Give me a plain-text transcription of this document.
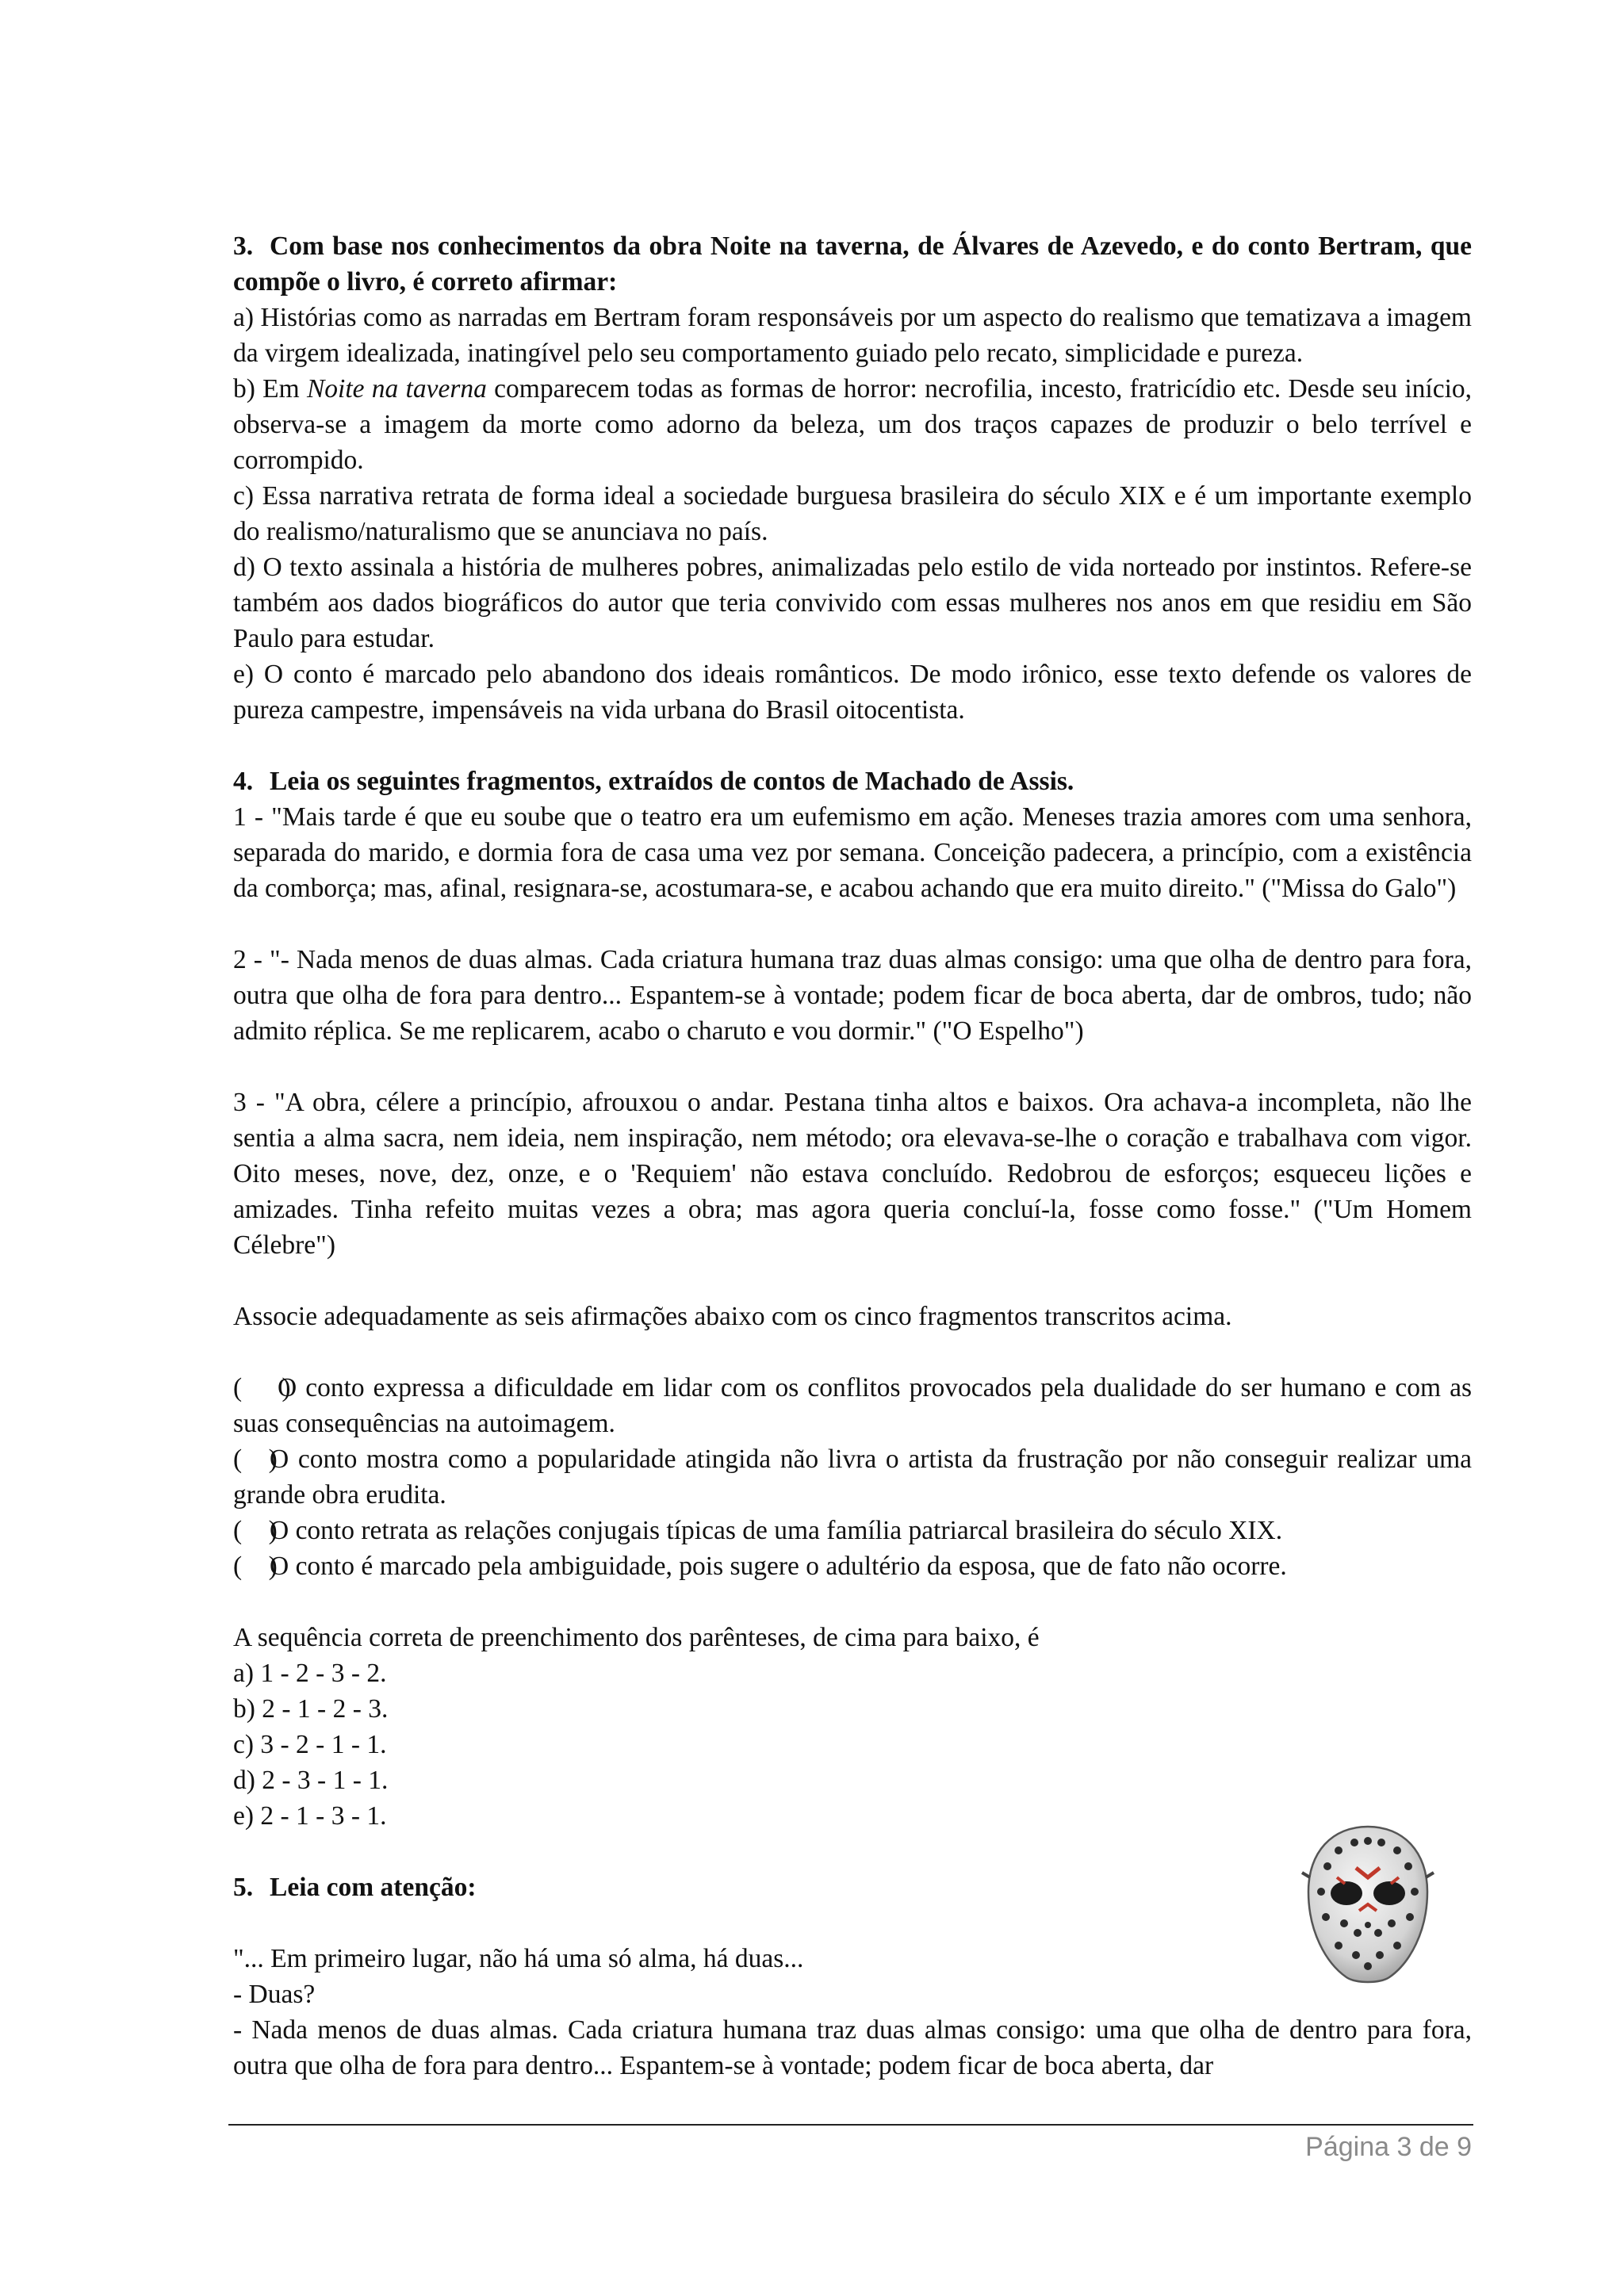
3. Com base nos conhecimentos da obra Noite na taverna, de Álvares de Azevedo, e do conto Bertram, que compõe o livro, é correto afirmar:

a) Histórias como as narradas em Bertram foram responsáveis por um aspecto do realismo que tematizava a imagem da virgem idealizada, inatingível pelo seu comportamento guiado pelo recato, simplicidade e pureza.

b) Em Noite na taverna comparecem todas as formas de horror: necrofilia, incesto, fratricídio etc. Desde seu início, observa-se a imagem da morte como adorno da beleza, um dos traços capazes de produzir o belo terrível e corrompido.

c) Essa narrativa retrata de forma ideal a sociedade burguesa brasileira do século XIX e é um importante exemplo do realismo/naturalismo que se anunciava no país.

d) O texto assinala a história de mulheres pobres, animalizadas pelo estilo de vida norteado por instintos. Refere-se também aos dados biográficos do autor que teria convivido com essas mulheres nos anos em que residiu em São Paulo para estudar.

e) O conto é marcado pelo abandono dos ideais românticos. De modo irônico, esse texto defende os valores de pureza campestre, impensáveis na vida urbana do Brasil oitocentista.

4. Leia os seguintes fragmentos, extraídos de contos de Machado de Assis.

1 - "Mais tarde é que eu soube que o teatro era um eufemismo em ação. Meneses trazia amores com uma senhora, separada do marido, e dormia fora de casa uma vez por semana. Conceição padecera, a princípio, com a existência da comborça; mas, afinal, resignara-se, acostumara-se, e acabou achando que era muito direito." ("Missa do Galo")

2 - "- Nada menos de duas almas. Cada criatura humana traz duas almas consigo: uma que olha de dentro para fora, outra que olha de fora para dentro... Espantem-se à vontade; podem ficar de boca aberta, dar de ombros, tudo; não admito réplica. Se me replicarem, acabo o charuto e vou dormir." ("O Espelho")

3 - "A obra, célere a princípio, afrouxou o andar. Pestana tinha altos e baixos. Ora achava-a incompleta, não lhe sentia a alma sacra, nem ideia, nem inspiração, nem método; ora elevava-se-lhe o coração e trabalhava com vigor. Oito meses, nove, dez, onze, e o 'Requiem' não estava concluído. Redobrou de esforços; esqueceu lições e amizades. Tinha refeito muitas vezes a obra; mas agora queria concluí-la, fosse como fosse." ("Um Homem Célebre")

Associe adequadamente as seis afirmações abaixo com os cinco fragmentos transcritos acima.

(      )O conto expressa a dificuldade em lidar com os conflitos provocados pela dualidade do ser humano e com as suas consequências na autoimagem.

(    )O conto mostra como a popularidade atingida não livra o artista da frustração por não conseguir realizar uma grande obra erudita.

(    )O conto retrata as relações conjugais típicas de uma família patriarcal brasileira do século XIX.

(    )O conto é marcado pela ambiguidade, pois sugere o adultério da esposa, que de fato não ocorre.

A sequência correta de preenchimento dos parênteses, de cima para baixo, é

a) 1 - 2 - 3 - 2.

b) 2 - 1 - 2 - 3.

c) 3 - 2 - 1 - 1.

d) 2 - 3 - 1 - 1.

e) 2 - 1 - 3 - 1.

5. Leia com atenção:

"... Em primeiro lugar, não há uma só alma, há duas...

- Duas?

- Nada menos de duas almas. Cada criatura humana traz duas almas consigo: uma que olha de dentro para fora, outra que olha de fora para dentro... Espantem-se à vontade; podem ficar de boca aberta, dar

Página 3 de 9
